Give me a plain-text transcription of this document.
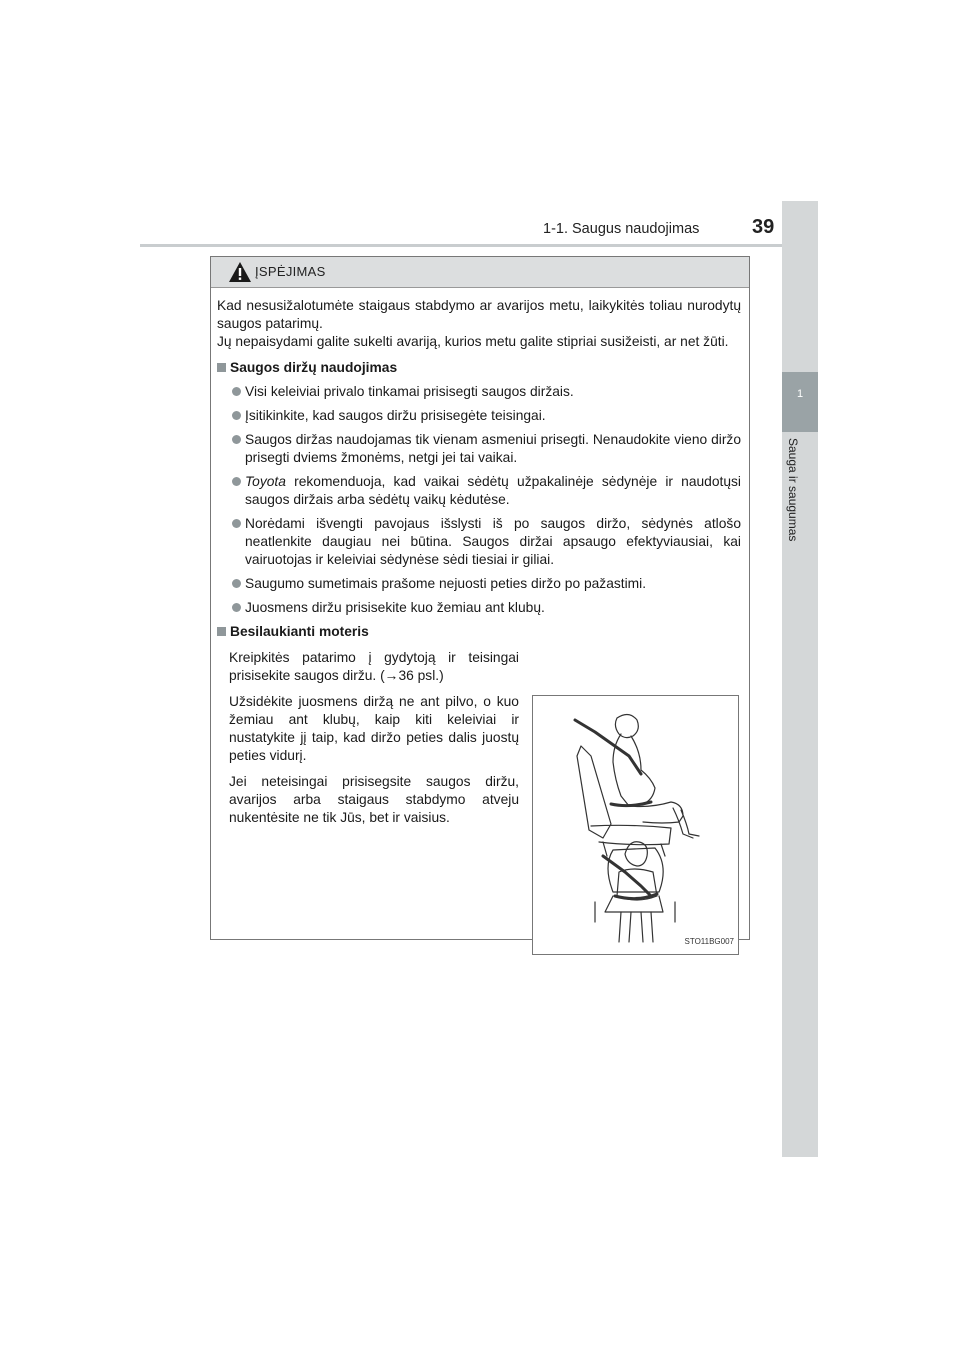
1-1. Saugus naudojimas	39
1
Sauga ir saugumas
ĮSPĖJIMAS

Kad nesusižalotumėte staigaus stabdymo ar avarijos metu, laikykitės toliau nurodytų saugos patarimų.

Jų nepaisydami galite sukelti avariją, kurios metu galite stipriai susižeisti, ar net žūti.

Saugos diržų naudojimas
Visi keleiviai privalo tinkamai prisisegti saugos diržais.
Įsitikinkite, kad saugos diržu prisisegėte teisingai.
Saugos diržas naudojamas tik vienam asmeniui prisegti. Nenaudokite vieno diržo prisegti dviems žmonėms, netgi jei tai vaikai.
Toyota rekomenduoja, kad vaikai sėdėtų užpakalinėje sėdynėje ir naudotųsi saugos diržais arba sėdėtų vaikų kėdutėse.
Norėdami išvengti pavojaus išslysti iš po saugos diržo, sėdynės atlošo neatlenkite daugiau nei būtina. Saugos diržai apsaugo efektyviausiai, kai vairuotojas ir keleiviai sėdynėse sėdi tiesiai ir giliai.
Saugumo sumetimais prašome nejuosti peties diržo po pažastimi.
Juosmens diržu prisisekite kuo žemiau ant klubų.
Besilaukianti moteris

Kreipkitės patarimo į gydytoją ir teisingai prisisekite saugos diržu. (→36 psl.)

Užsidėkite juosmens diržą ne ant pilvo, o kuo žemiau ant klubų, kaip kiti keleiviai ir nustatykite jį taip, kad diržo peties dalis juostų peties vidurį.

Jei neteisingai prisisegsite saugos diržu, avarijos arba staigaus stabdymo atveju nukentėsite ne tik Jūs, bet ir vaisius.

STO11BG007
